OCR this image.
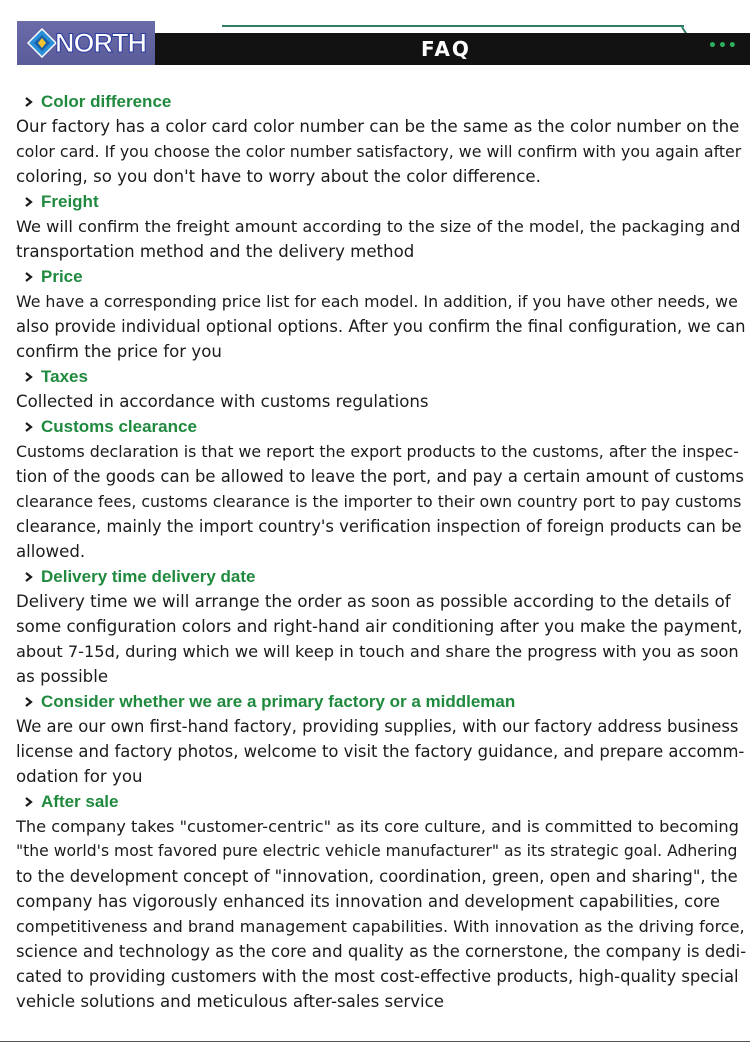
•••
NORTH	FAQ
Color difference

Our factory has a color card color number can be the same as the color number on the
color card. If you choose the color number satisfactory, we will confirm with you again after
coloring, so you don't have to worry about the color difference.

Freight

We will confirm the freight amount according to the size of the model, the packaging and
transportation method and the delivery method

Price

We have a corresponding price list for each model. In addition, if you have other needs, we
also provide individual optional options. After you confirm the final configuration, we can
confirm the price for you

Taxes

Collected in accordance with customs regulations

Customs clearance

Customs declaration is that we report the export products to the customs, after the inspec-
tion of the goods can be allowed to leave the port, and pay a certain amount of customs
clearance fees, customs clearance is the importer to their own country port to pay customs
clearance, mainly the import country's verification inspection of foreign products can be
allowed.

Delivery time delivery date

Delivery time we will arrange the order as soon as possible according to the details of
some configuration colors and right-hand air conditioning after you make the payment,
about 7-15d, during which we will keep in touch and share the progress with you as soon
as possible

Consider whether we are a primary factory or a middleman

We are our own first-hand factory, providing supplies, with our factory address business
license and factory photos, welcome to visit the factory guidance, and prepare accomm-
odation for you

After sale

The company takes "customer-centric" as its core culture, and is committed to becoming
"the world's most favored pure electric vehicle manufacturer" as its strategic goal. Adhering
to the development concept of "innovation, coordination, green, open and sharing", the
company has vigorously enhanced its innovation and development capabilities, core
competitiveness and brand management capabilities. With innovation as the driving force,
science and technology as the core and quality as the cornerstone, the company is dedi-
cated to providing customers with the most cost-effective products, high-quality special
vehicle solutions and meticulous after-sales service
